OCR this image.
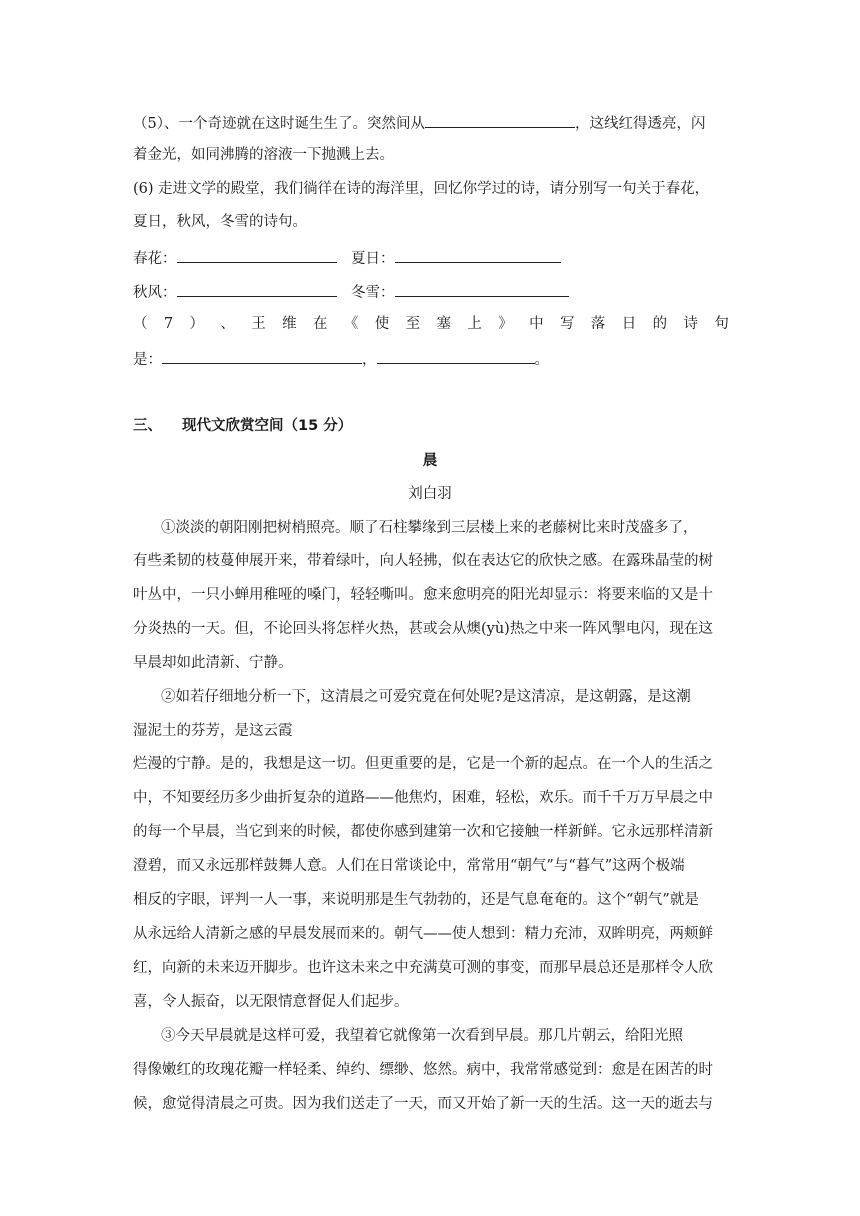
（5）、一个奇迹就在这时诞生生了。突然间从	，这线红得透亮，闪
着金光，如同沸腾的溶液一下抛溅上去。
(6) 走进文学的殿堂，我们徜徉在诗的海洋里，回忆你学过的诗，请分别写一句关于春花，
夏日，秋风，冬雪的诗句。
春花：	夏日：
秋风：	冬雪：
（ 7 ） 、 王 维 在 《 使 至 塞 上 》 中 写 落 日 的 诗 句
是：	，	。
三、 现代文欣赏空间（15 分）
晨
刘白羽
①淡淡的朝阳刚把树梢照亮。顺了石柱攀缘到三层楼上来的老藤树比来时茂盛多了，
有些柔韧的枝蔓伸展开来，带着绿叶，向人轻拂，似在表达它的欣快之感。在露珠晶莹的树
叶丛中，一只小蝉用稚哑的嗓门，轻轻嘶叫。愈来愈明亮的阳光却显示：将要来临的又是十
分炎热的一天。但，不论回头将怎样火热，甚或会从燠(yù)热之中来一阵风掣电闪，现在这
早晨却如此清新、宁静。
②如若仔细地分析一下，这清晨之可爱究竟在何处呢?是这清凉，是这朝露，是这潮
湿泥土的芬芳，是这云霞
烂漫的宁静。是的，我想是这一切。但更重要的是，它是一个新的起点。在一个人的生活之
中，不知要经历多少曲折复杂的道路——他焦灼，困难，轻松，欢乐。而千千万万早晨之中
的每一个早晨，当它到来的时候，都使你感到建第一次和它接触一样新鲜。它永远那样清新
澄碧，而又永远那样鼓舞人意。人们在日常谈论中，常常用“朝气”与“暮气”这两个极端
相反的字眼，评判一人一事，来说明那是生气勃勃的，还是气息奄奄的。这个“朝气”就是
从永远给人清新之感的早晨发展而来的。朝气——使人想到：精力充沛，双眸明亮，两颊鲜
红，向新的未来迈开脚步。也许这未来之中充满莫可测的事变，而那早晨总还是那样令人欣
喜，令人振奋，以无限情意督促人们起步。
③今天早晨就是这样可爱，我望着它就像第一次看到早晨。那几片朝云，给阳光照
得像嫩红的玫瑰花瓣一样轻柔、绰约、缥缈、悠然。病中，我常常感觉到：愈是在困苦的时
候，愈觉得清晨之可贵。因为我们送走了一天，而又开始了新一天的生活。这一天的逝去与
